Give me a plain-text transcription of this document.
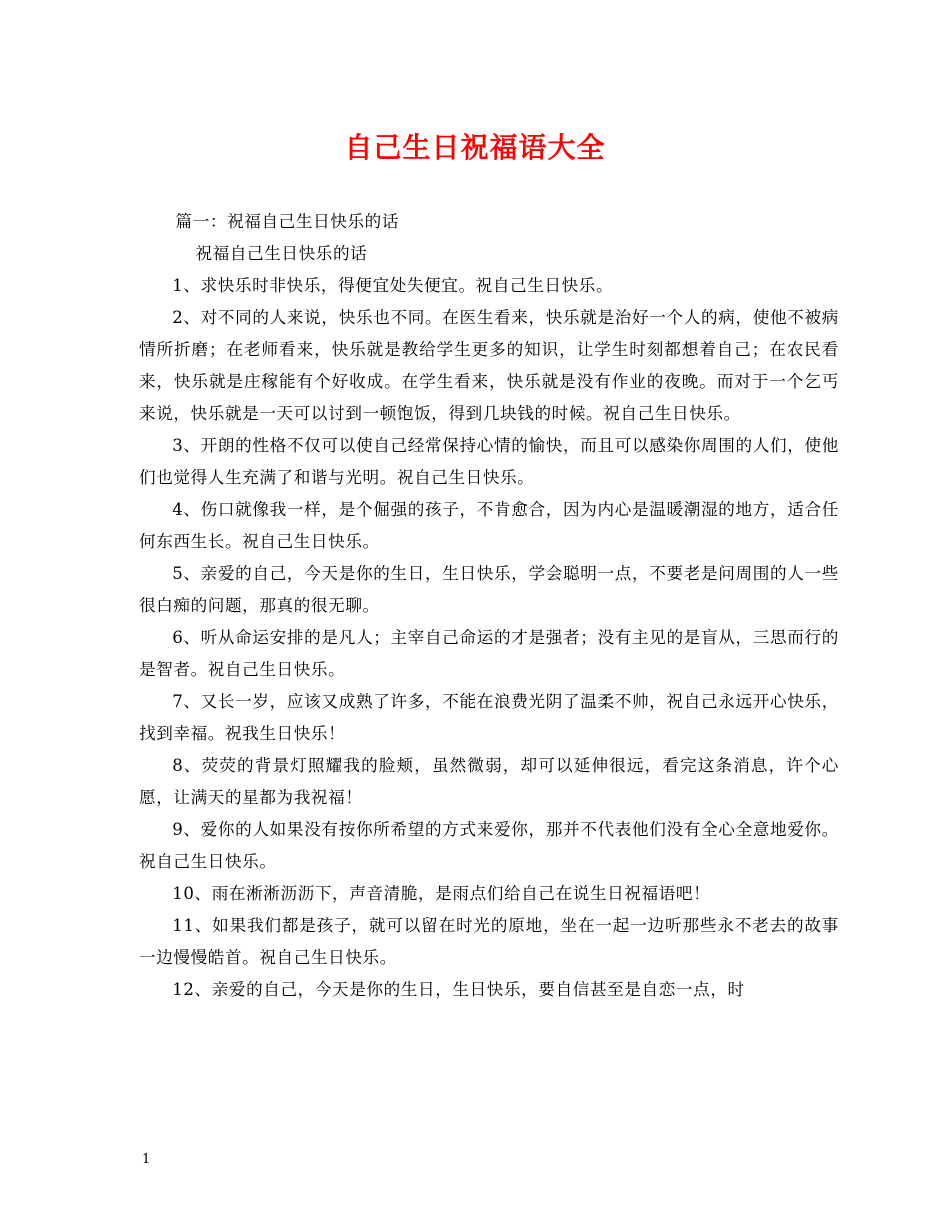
自己生日祝福语大全

篇一：祝福自己生日快乐的话

祝福自己生日快乐的话

1、求快乐时非快乐，得便宜处失便宜。祝自己生日快乐。

2、对不同的人来说，快乐也不同。在医生看来，快乐就是治好一个人的病，使他不被病情所折磨；在老师看来，快乐就是教给学生更多的知识，让学生时刻都想着自己；在农民看来，快乐就是庄稼能有个好收成。在学生看来，快乐就是没有作业的夜晚。而对于一个乞丐来说，快乐就是一天可以讨到一顿饱饭，得到几块钱的时候。祝自己生日快乐。

3、开朗的性格不仅可以使自己经常保持心情的愉快，而且可以感染你周围的人们，使他们也觉得人生充满了和谐与光明。祝自己生日快乐。

4、伤口就像我一样，是个倔强的孩子，不肯愈合，因为内心是温暖潮湿的地方，适合任何东西生长。祝自己生日快乐。

5、亲爱的自己，今天是你的生日，生日快乐，学会聪明一点，不要老是问周围的人一些很白痴的问题，那真的很无聊。

6、听从命运安排的是凡人；主宰自己命运的才是强者；没有主见的是盲从，三思而行的是智者。祝自己生日快乐。

7、又长一岁，应该又成熟了许多，不能在浪费光阴了温柔不帅，祝自己永远开心快乐，找到幸福。祝我生日快乐！

8、荧荧的背景灯照耀我的脸颊，虽然微弱，却可以延伸很远，看完这条消息，许个心愿，让满天的星都为我祝福！

9、爱你的人如果没有按你所希望的方式来爱你，那并不代表他们没有全心全意地爱你。祝自己生日快乐。

10、雨在淅淅沥沥下，声音清脆，是雨点们给自己在说生日祝福语吧！

11、如果我们都是孩子，就可以留在时光的原地，坐在一起一边听那些永不老去的故事一边慢慢皓首。祝自己生日快乐。

12、亲爱的自己，今天是你的生日，生日快乐，要自信甚至是自恋一点，时

1
